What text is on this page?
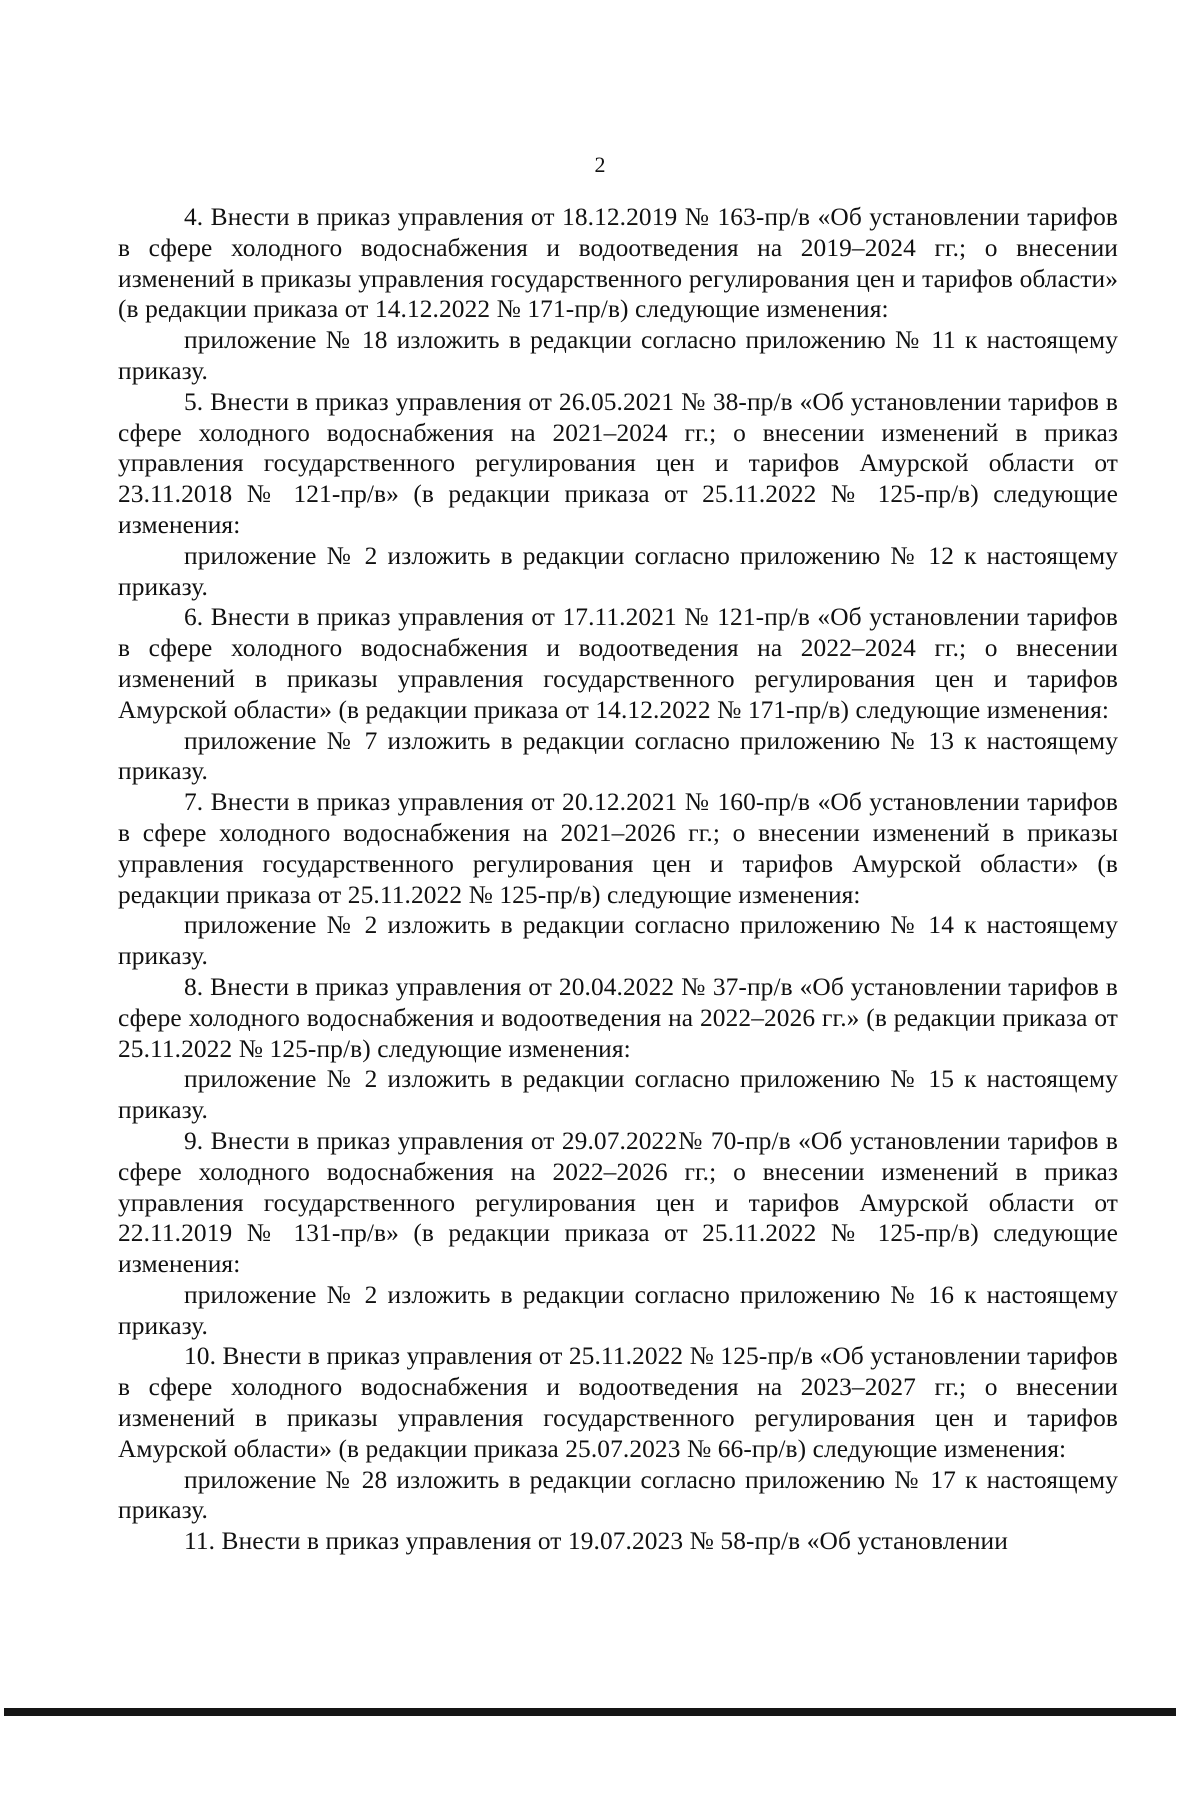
2

4. Внести в приказ управления от 18.12.2019 № 163-пр/в «Об установлении тарифов в сфере холодного водоснабжения и водоотведения на 2019–2024 гг.; о внесении изменений в приказы управления государственного регулирования цен и тарифов области» (в редакции приказа от 14.12.2022 № 171-пр/в) следующие изменения:

приложение № 18 изложить в редакции согласно приложению № 11 к настоящему приказу.

5. Внести в приказ управления от 26.05.2021 № 38-пр/в «Об установлении тарифов в сфере холодного водоснабжения на 2021–2024 гг.; о внесении изменений в приказ управления государственного регулирования цен и тарифов Амурской области от 23.11.2018 № 121-пр/в» (в редакции приказа от 25.11.2022 № 125-пр/в) следующие изменения:

приложение № 2 изложить в редакции согласно приложению № 12 к настоящему приказу.

6. Внести в приказ управления от 17.11.2021 № 121-пр/в «Об установлении тарифов в сфере холодного водоснабжения и водоотведения на 2022–2024 гг.; о внесении изменений в приказы управления государственного регулирования цен и тарифов Амурской области» (в редакции приказа от 14.12.2022 № 171-пр/в) следующие изменения:

приложение № 7 изложить в редакции согласно приложению № 13 к настоящему приказу.

7. Внести в приказ управления от 20.12.2021 № 160-пр/в «Об установлении тарифов в сфере холодного водоснабжения на 2021–2026 гг.; о внесении изменений в приказы управления государственного регулирования цен и тарифов Амурской области» (в редакции приказа от 25.11.2022 № 125-пр/в) следующие изменения:

приложение № 2 изложить в редакции согласно приложению № 14 к настоящему приказу.

8. Внести в приказ управления от 20.04.2022 № 37-пр/в «Об установлении тарифов в сфере холодного водоснабжения и водоотведения на 2022–2026 гг.» (в редакции приказа от 25.11.2022 № 125-пр/в) следующие изменения:

приложение № 2 изложить в редакции согласно приложению № 15 к настоящему приказу.

9. Внести в приказ управления от 29.07.2022№ 70-пр/в «Об установлении тарифов в сфере холодного водоснабжения на 2022–2026 гг.; о внесении изменений в приказ управления государственного регулирования цен и тарифов Амурской области от 22.11.2019 № 131-пр/в» (в редакции приказа от 25.11.2022 № 125-пр/в) следующие изменения:

приложение № 2 изложить в редакции согласно приложению № 16 к настоящему приказу.

10. Внести в приказ управления от 25.11.2022 № 125-пр/в «Об установлении тарифов в сфере холодного водоснабжения и водоотведения на 2023–2027 гг.; о внесении изменений в приказы управления государственного регулирования цен и тарифов Амурской области» (в редакции приказа 25.07.2023 № 66-пр/в) следующие изменения:

приложение № 28 изложить в редакции согласно приложению № 17 к настоящему приказу.

11. Внести в приказ управления от 19.07.2023 № 58-пр/в «Об установлении
